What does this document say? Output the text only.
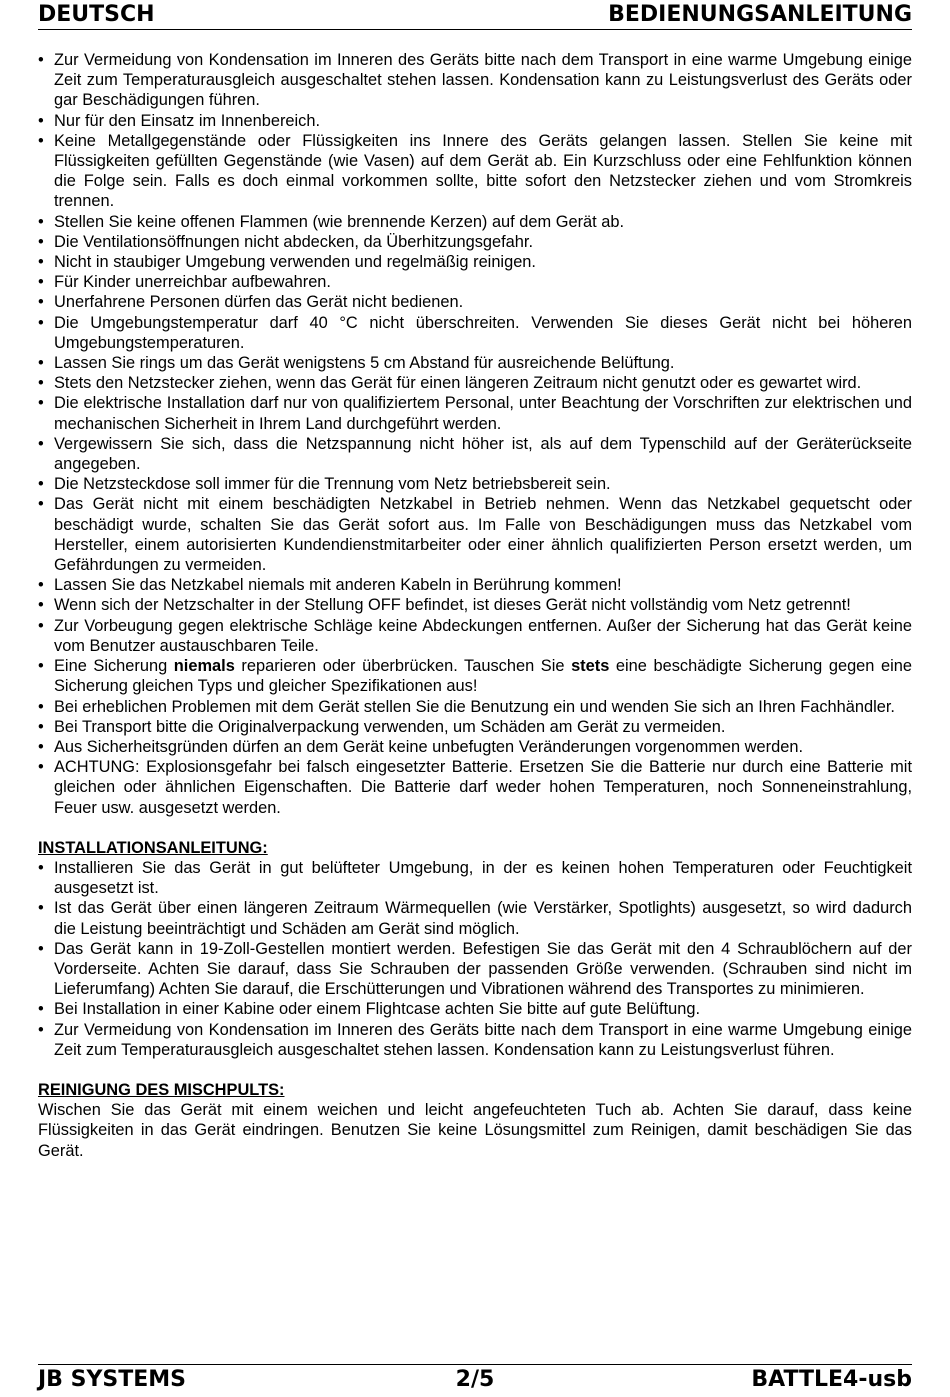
DEUTSCH	BEDIENUNGSANLEITUNG
• Zur Vermeidung von Kondensation im Inneren des Geräts bitte nach dem Transport in eine warme Umgebung einige Zeit zum Temperaturausgleich ausgeschaltet stehen lassen. Kondensation kann zu Leistungsverlust des Geräts oder gar Beschädigungen führen.
• Nur für den Einsatz im Innenbereich.
• Keine Metallgegenstände oder Flüssigkeiten ins Innere des Geräts gelangen lassen. Stellen Sie keine mit Flüssigkeiten gefüllten Gegenstände (wie Vasen) auf dem Gerät ab. Ein Kurzschluss oder eine Fehlfunktion können die Folge sein. Falls es doch einmal vorkommen sollte, bitte sofort den Netzstecker ziehen und vom Stromkreis trennen.
• Stellen Sie keine offenen Flammen (wie brennende Kerzen) auf dem Gerät ab.
• Die Ventilationsöffnungen nicht abdecken, da Überhitzungsgefahr.
• Nicht in staubiger Umgebung verwenden und regelmäßig reinigen.
• Für Kinder unerreichbar aufbewahren.
• Unerfahrene Personen dürfen das Gerät nicht bedienen.
• Die Umgebungstemperatur darf 40 °C nicht überschreiten. Verwenden Sie dieses Gerät nicht bei höheren Umgebungstemperaturen.
• Lassen Sie rings um das Gerät wenigstens 5 cm Abstand für ausreichende Belüftung.
• Stets den Netzstecker ziehen, wenn das Gerät für einen längeren Zeitraum nicht genutzt oder es gewartet wird.
• Die elektrische Installation darf nur von qualifiziertem Personal, unter Beachtung der Vorschriften zur elektrischen und mechanischen Sicherheit in Ihrem Land durchgeführt werden.
• Vergewissern Sie sich, dass die Netzspannung nicht höher ist, als auf dem Typenschild auf der Geräterückseite angegeben.
• Die Netzsteckdose soll immer für die Trennung vom Netz betriebsbereit sein.
• Das Gerät nicht mit einem beschädigten Netzkabel in Betrieb nehmen. Wenn das Netzkabel gequetscht oder beschädigt wurde, schalten Sie das Gerät sofort aus. Im Falle von Beschädigungen muss das Netzkabel vom Hersteller, einem autorisierten Kundendienstmitarbeiter oder einer ähnlich qualifizierten Person ersetzt werden, um Gefährdungen zu vermeiden.
• Lassen Sie das Netzkabel niemals mit anderen Kabeln in Berührung kommen!
• Wenn sich der Netzschalter in der Stellung OFF befindet, ist dieses Gerät nicht vollständig vom Netz getrennt!
• Zur Vorbeugung gegen elektrische Schläge keine Abdeckungen entfernen. Außer der Sicherung hat das Gerät keine vom Benutzer austauschbaren Teile.
• Eine Sicherung niemals reparieren oder überbrücken. Tauschen Sie stets eine beschädigte Sicherung gegen eine Sicherung gleichen Typs und gleicher Spezifikationen aus!
• Bei erheblichen Problemen mit dem Gerät stellen Sie die Benutzung ein und wenden Sie sich an Ihren Fachhändler.
• Bei Transport bitte die Originalverpackung verwenden, um Schäden am Gerät zu vermeiden.
• Aus Sicherheitsgründen dürfen an dem Gerät keine unbefugten Veränderungen vorgenommen werden.
• ACHTUNG: Explosionsgefahr bei falsch eingesetzter Batterie. Ersetzen Sie die Batterie nur durch eine Batterie mit gleichen oder ähnlichen Eigenschaften. Die Batterie darf weder hohen Temperaturen, noch Sonneneinstrahlung, Feuer usw. ausgesetzt werden.
INSTALLATIONSANLEITUNG:
• Installieren Sie das Gerät in gut belüfteter Umgebung, in der es keinen hohen Temperaturen oder Feuchtigkeit ausgesetzt ist.
• Ist das Gerät über einen längeren Zeitraum Wärmequellen (wie Verstärker, Spotlights) ausgesetzt, so wird dadurch die Leistung beeinträchtigt und Schäden am Gerät sind möglich.
• Das Gerät kann in 19-Zoll-Gestellen montiert werden. Befestigen Sie das Gerät mit den 4 Schraublöchern auf der Vorderseite. Achten Sie darauf, dass Sie Schrauben der passenden Größe verwenden. (Schrauben sind nicht im Lieferumfang) Achten Sie darauf, die Erschütterungen und Vibrationen während des Transportes zu minimieren.
• Bei Installation in einer Kabine oder einem Flightcase achten Sie bitte auf gute Belüftung.
• Zur Vermeidung von Kondensation im Inneren des Geräts bitte nach dem Transport in eine warme Umgebung einige Zeit zum Temperaturausgleich ausgeschaltet stehen lassen. Kondensation kann zu Leistungsverlust führen.
REINIGUNG DES MISCHPULTS:
Wischen Sie das Gerät mit einem weichen und leicht angefeuchteten Tuch ab. Achten Sie darauf, dass keine Flüssigkeiten in das Gerät eindringen. Benutzen Sie keine Lösungsmittel zum Reinigen, damit beschädigen Sie das Gerät.
JB SYSTEMS	2/5	BATTLE4-usb
